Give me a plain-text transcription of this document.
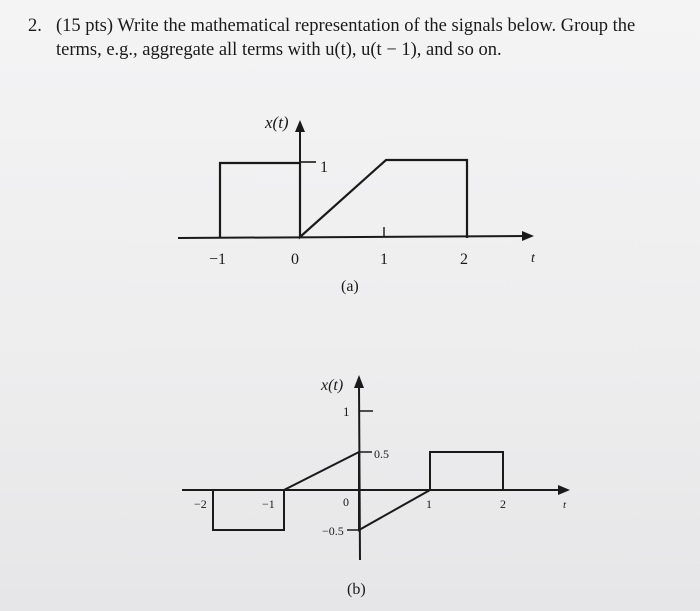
2. (15 pts) Write the mathematical representation of the signals below. Group the
terms, e.g., aggregate all terms with u(t), u(t − 1), and so on.
x(t)
1
−1	0	1	2	t
(a)
x(t)
1
0.5
−0.5
−2	−1	0	1	2	t
(b)
